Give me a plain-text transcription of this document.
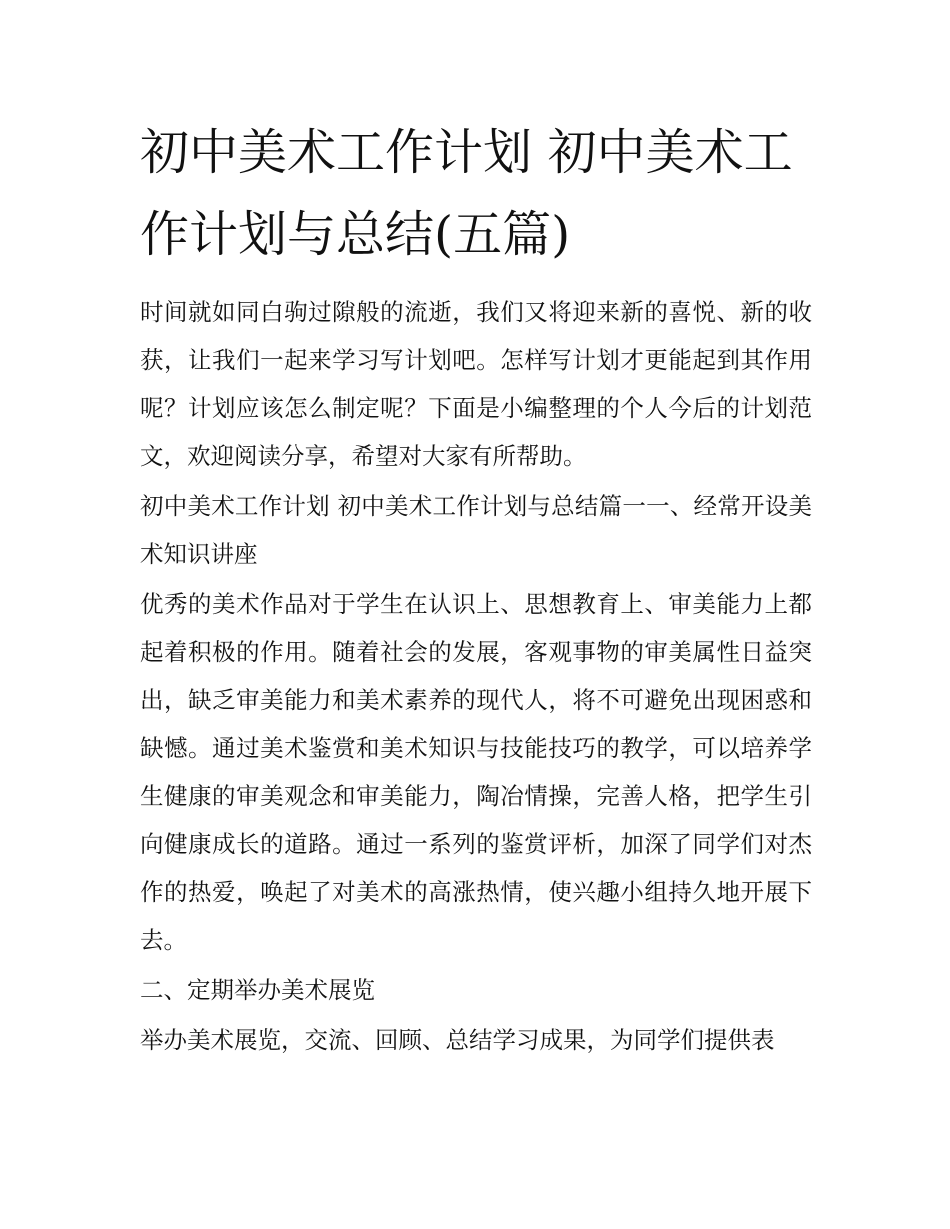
初中美术工作计划 初中美术工作计划与总结(五篇)

时间就如同白驹过隙般的流逝，我们又将迎来新的喜悦、新的收获，让我们一起来学习写计划吧。怎样写计划才更能起到其作用呢？计划应该怎么制定呢？下面是小编整理的个人今后的计划范文，欢迎阅读分享，希望对大家有所帮助。

初中美术工作计划 初中美术工作计划与总结篇一一、经常开设美术知识讲座

优秀的美术作品对于学生在认识上、思想教育上、审美能力上都起着积极的作用。随着社会的发展，客观事物的审美属性日益突出，缺乏审美能力和美术素养的现代人，将不可避免出现困惑和缺憾。通过美术鉴赏和美术知识与技能技巧的教学，可以培养学生健康的审美观念和审美能力，陶冶情操，完善人格，把学生引向健康成长的道路。通过一系列的鉴赏评析，加深了同学们对杰作的热爱，唤起了对美术的高涨热情，使兴趣小组持久地开展下去。

二、定期举办美术展览

举办美术展览，交流、回顾、总结学习成果，为同学们提供表
